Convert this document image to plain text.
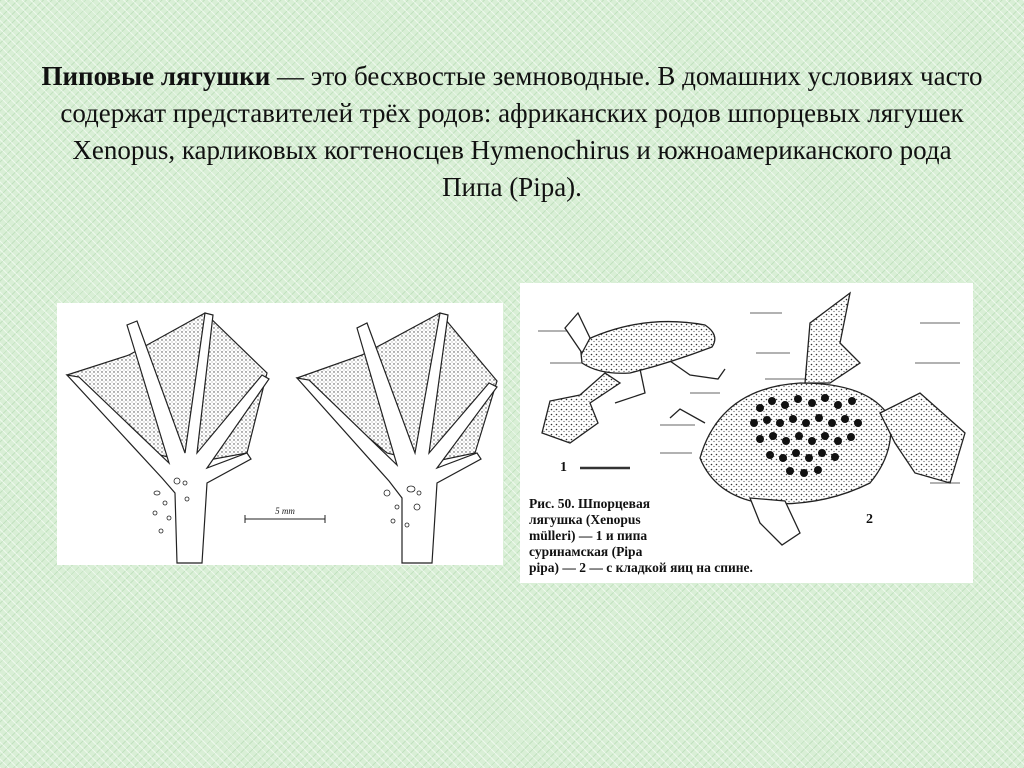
Пиповые лягушки — это бесхвостые земноводные. В домашних условиях часто содержат представителей трёх родов: африканских родов шпорцевых лягушек Xenopus, карликовых когтеносцев Hymenochirus и южноамериканского рода Пипа (Pipa).
5 mm
1
2
Рис. 50. Шпорцевая
лягушка (Xenopus
mülleri) — 1 и пипа
суринамская (Pipa
pipa) — 2 — с кладкой яиц на спине.
